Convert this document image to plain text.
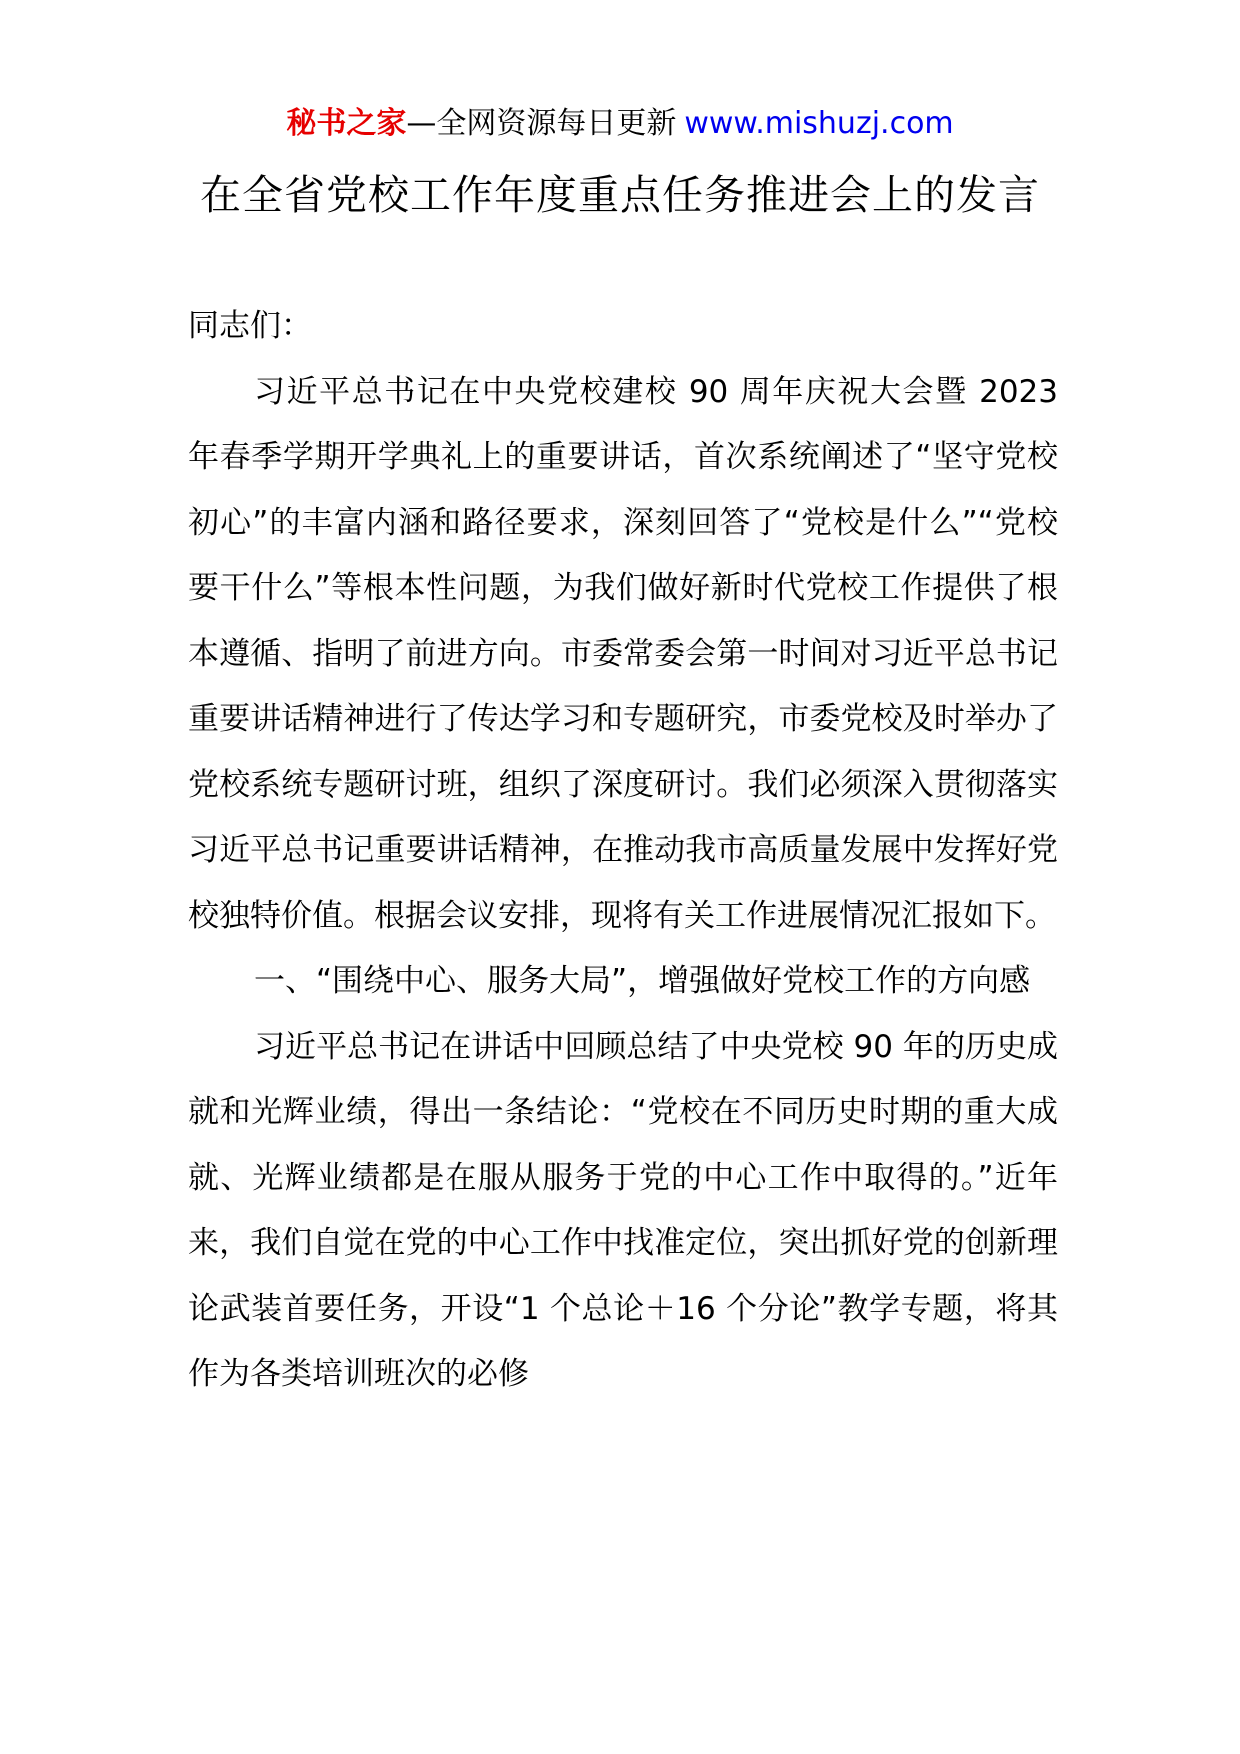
秘书之家—全网资源每日更新 www.mishuzj.com
在全省党校工作年度重点任务推进会上的发言

同志们：

习近平总书记在中央党校建校 90 周年庆祝大会暨 2023 年春季学期开学典礼上的重要讲话，首次系统阐述了“坚守党校初心”的丰富内涵和路径要求，深刻回答了“党校是什么”“党校要干什么”等根本性问题，为我们做好新时代党校工作提供了根本遵循、指明了前进方向。市委常委会第一时间对习近平总书记重要讲话精神进行了传达学习和专题研究，市委党校及时举办了党校系统专题研讨班，组织了深度研讨。我们必须深入贯彻落实习近平总书记重要讲话精神，在推动我市高质量发展中发挥好党校独特价值。根据会议安排，现将有关工作进展情况汇报如下。

一、“围绕中心、服务大局”，增强做好党校工作的方向感

习近平总书记在讲话中回顾总结了中央党校 90 年的历史成就和光辉业绩，得出一条结论：“党校在不同历史时期的重大成就、光辉业绩都是在服从服务于党的中心工作中取得的。”近年来，我们自觉在党的中心工作中找准定位，突出抓好党的创新理论武装首要任务，开设“1 个总论＋16 个分论”教学专题，将其作为各类培训班次的必修
